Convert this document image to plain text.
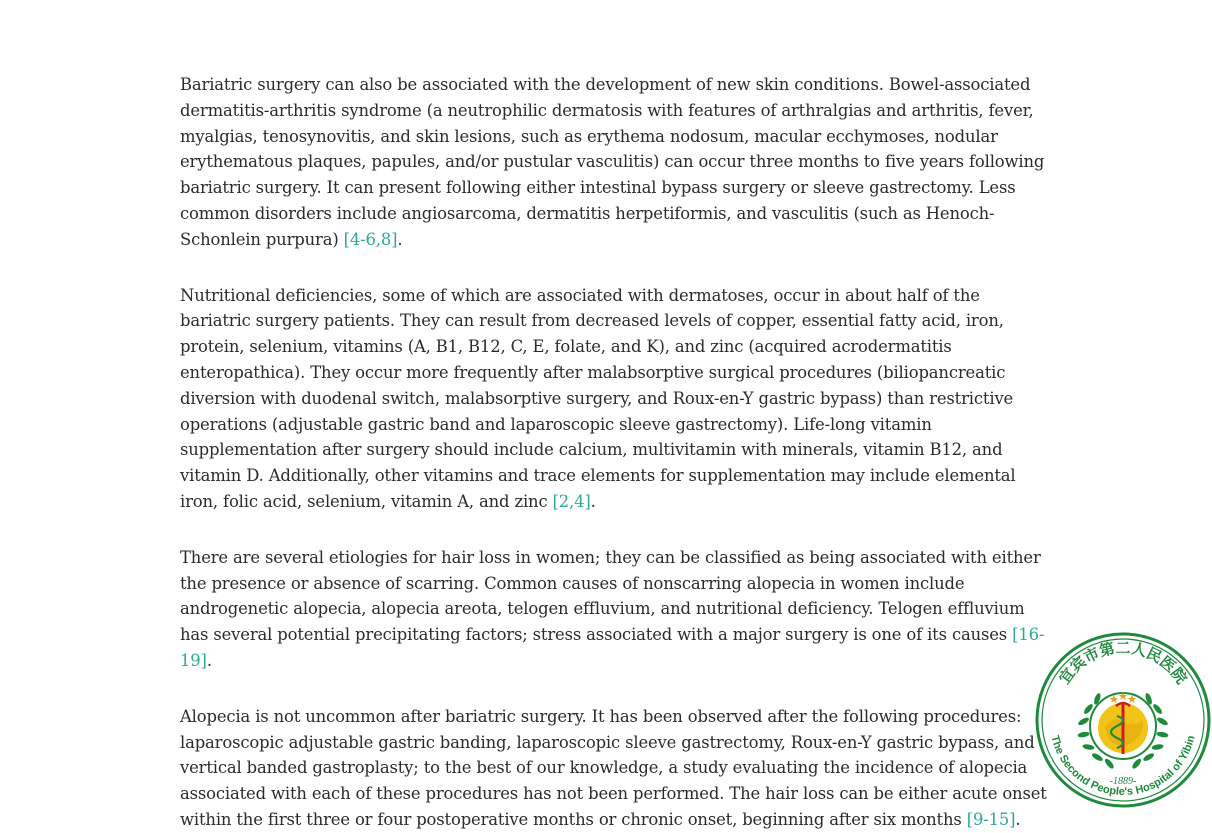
Bariatric surgery can also be associated with the development of new skin conditions. Bowel-associated dermatitis-arthritis syndrome (a neutrophilic dermatosis with features of arthralgias and arthritis, fever, myalgias, tenosynovitis, and skin lesions, such as erythema nodosum, macular ecchymoses, nodular erythematous plaques, papules, and/or pustular vasculitis) can occur three months to five years following bariatric surgery. It can present following either intestinal bypass surgery or sleeve gastrectomy. Less common disorders include angiosarcoma, dermatitis herpetiformis, and vasculitis (such as Henoch-Schonlein purpura) [4-6,8].

Nutritional deficiencies, some of which are associated with dermatoses, occur in about half of the bariatric surgery patients. They can result from decreased levels of copper, essential fatty acid, iron, protein, selenium, vitamins (A, B1, B12, C, E, folate, and K), and zinc (acquired acrodermatitis enteropathica). They occur more frequently after malabsorptive surgical procedures (biliopancreatic diversion with duodenal switch, malabsorptive surgery, and Roux-en-Y gastric bypass) than restrictive operations (adjustable gastric band and laparoscopic sleeve gastrectomy). Life-long vitamin supplementation after surgery should include calcium, multivitamin with minerals, vitamin B12, and vitamin D. Additionally, other vitamins and trace elements for supplementation may include elemental iron, folic acid, selenium, vitamin A, and zinc [2,4].

There are several etiologies for hair loss in women; they can be classified as being associated with either the presence or absence of scarring. Common causes of nonscarring alopecia in women include androgenetic alopecia, alopecia areota, telogen effluvium, and nutritional deficiency. Telogen effluvium has several potential precipitating factors; stress associated with a major surgery is one of its causes [16-19].

Alopecia is not uncommon after bariatric surgery. It has been observed after the following procedures: laparoscopic adjustable gastric banding, laparoscopic sleeve gastrectomy, Roux-en-Y gastric bypass, and vertical banded gastroplasty; to the best of our knowledge, a study evaluating the incidence of alopecia associated with each of these procedures has not been performed. The hair loss can be either acute onset within the first three or four postoperative months or chronic onset, beginning after six months [9-15].

宜宾市第二人民医院
The Second People's Hospital of Yibin
-1889-
